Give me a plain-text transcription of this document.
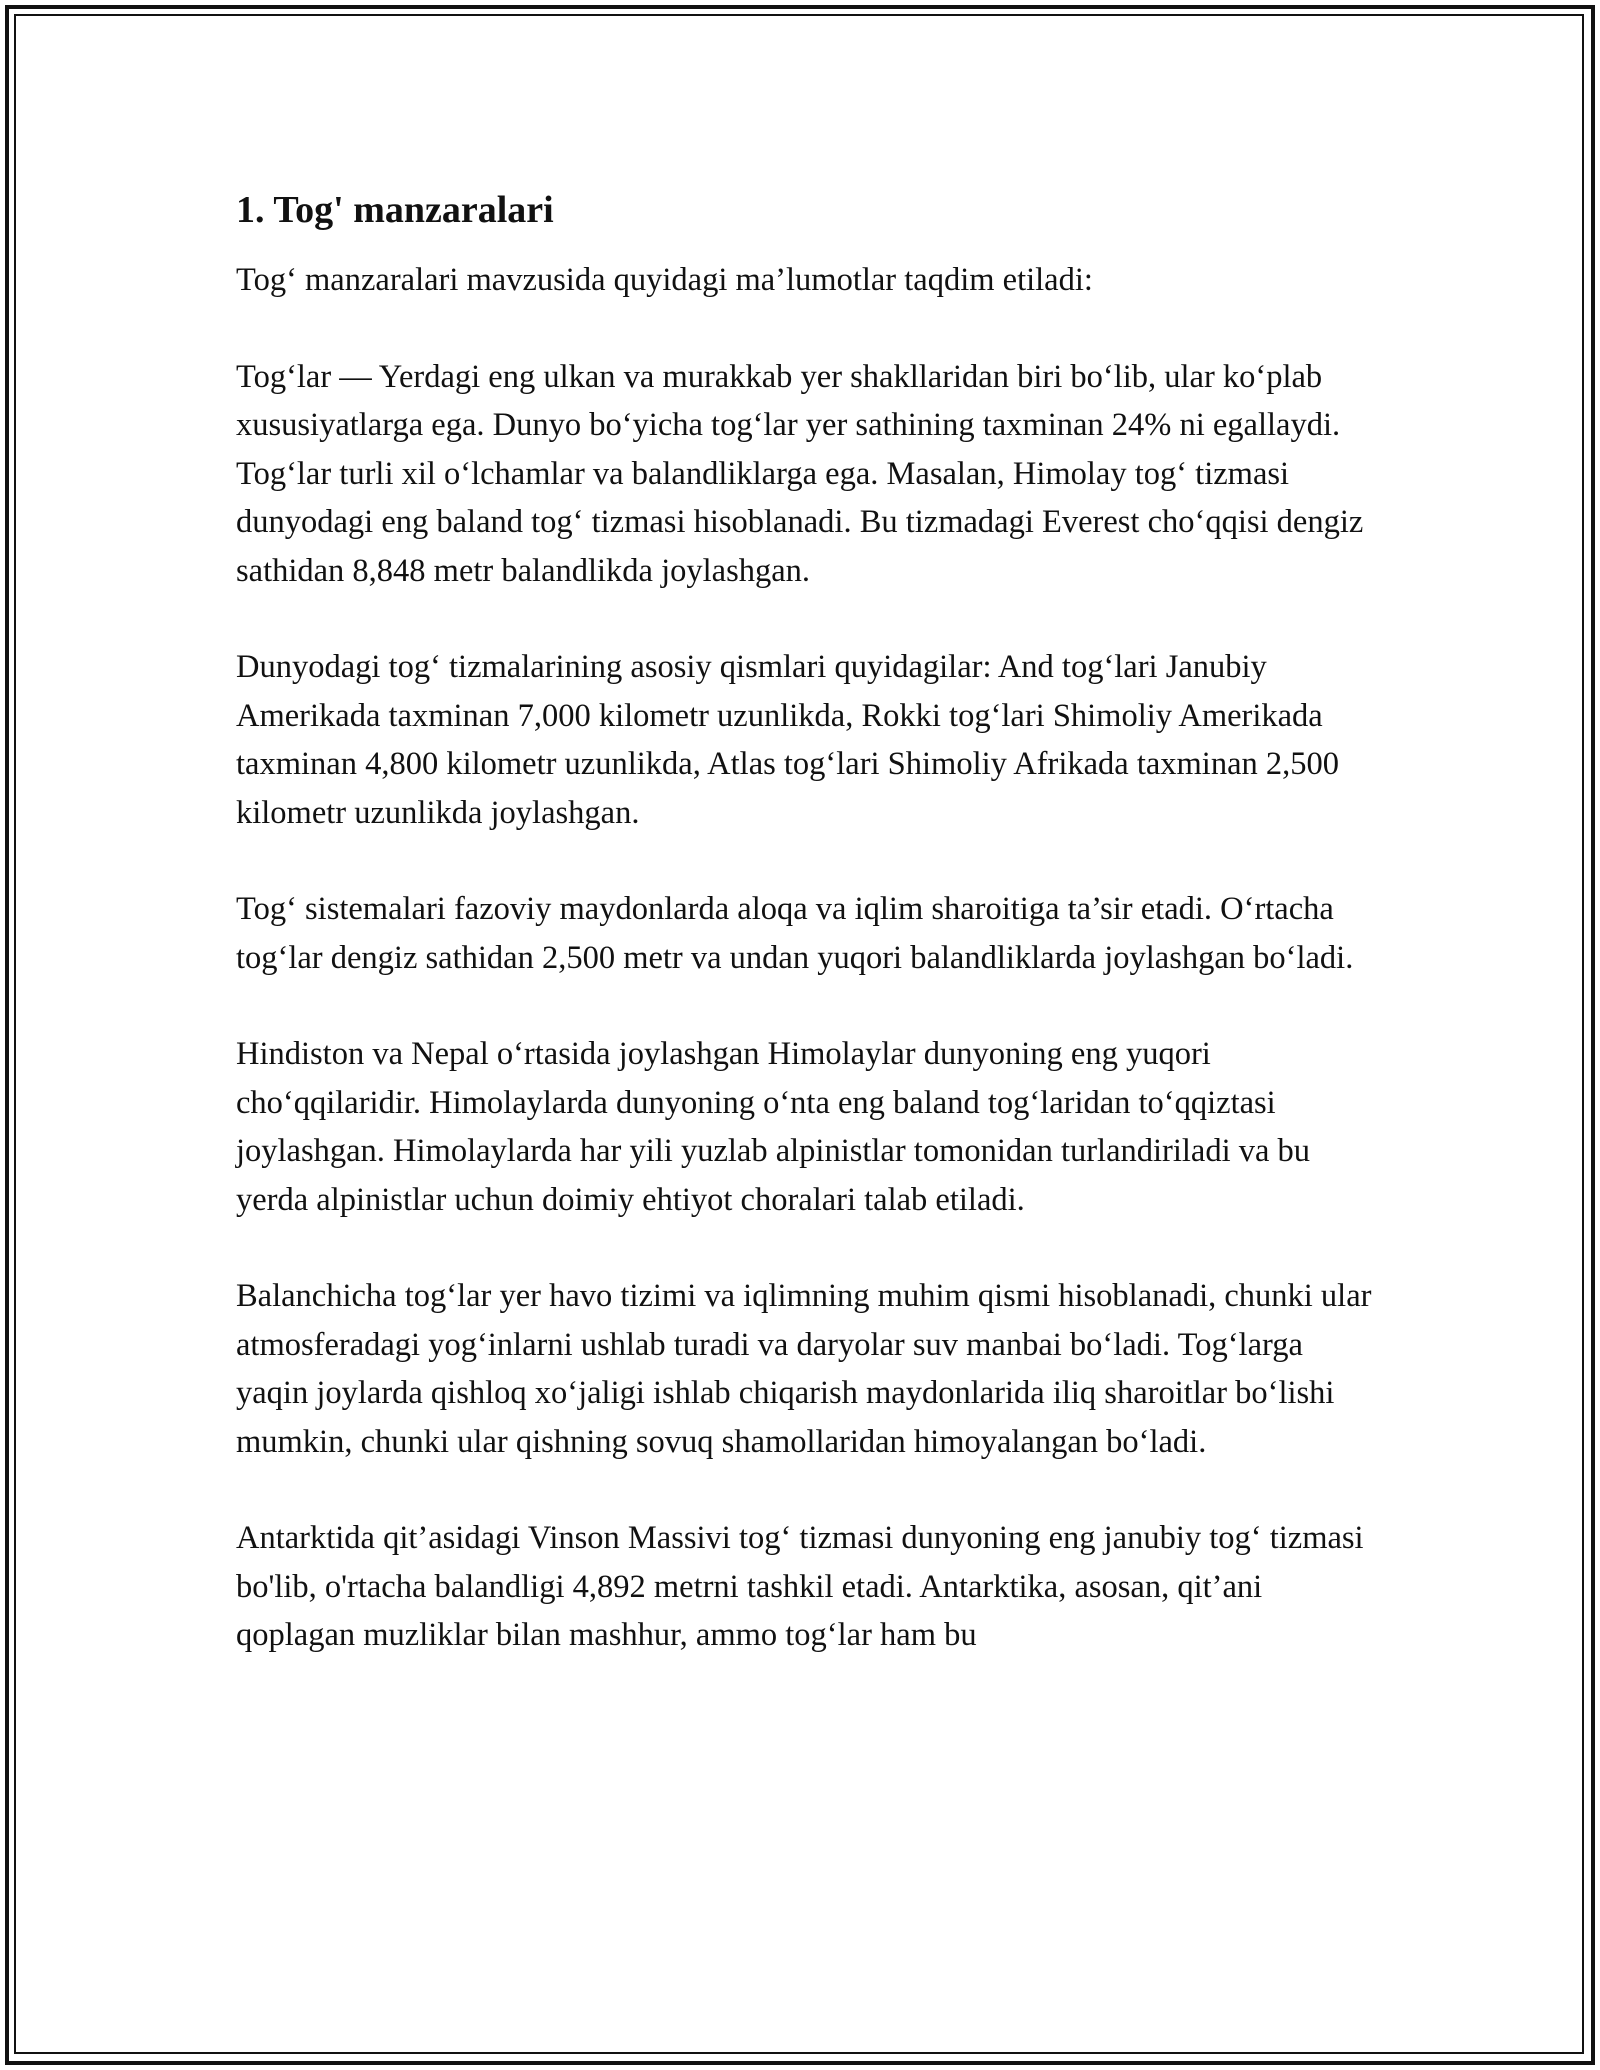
1. Tog' manzaralari

Tog‘ manzaralari mavzusida quyidagi ma’lumotlar taqdim etiladi:

Tog‘lar — Yerdagi eng ulkan va murakkab yer shakllaridan biri bo‘lib, ular ko‘plab xususiyatlarga ega. Dunyo bo‘yicha tog‘lar yer sathining taxminan 24% ni egallaydi. Tog‘lar turli xil o‘lchamlar va balandliklarga ega. Masalan, Himolay tog‘ tizmasi dunyodagi eng baland tog‘ tizmasi hisoblanadi. Bu tizmadagi Everest cho‘qqisi dengiz sathidan 8,848 metr balandlikda joylashgan.

Dunyodagi tog‘ tizmalarining asosiy qismlari quyidagilar: And tog‘lari Janubiy Amerikada taxminan 7,000 kilometr uzunlikda, Rokki tog‘lari Shimoliy Amerikada taxminan 4,800 kilometr uzunlikda, Atlas tog‘lari Shimoliy Afrikada taxminan 2,500 kilometr uzunlikda joylashgan.

Tog‘ sistemalari fazoviy maydonlarda aloqa va iqlim sharoitiga ta’sir etadi. O‘rtacha tog‘lar dengiz sathidan 2,500 metr va undan yuqori balandliklarda joylashgan bo‘ladi.

Hindiston va Nepal o‘rtasida joylashgan Himolaylar dunyoning eng yuqori cho‘qqilaridir. Himolaylarda dunyoning o‘nta eng baland tog‘laridan to‘qqiztasi joylashgan. Himolaylarda har yili yuzlab alpinistlar tomonidan turlandiriladi va bu yerda alpinistlar uchun doimiy ehtiyot choralari talab etiladi.

Balanchicha tog‘lar yer havo tizimi va iqlimning muhim qismi hisoblanadi, chunki ular atmosferadagi yog‘inlarni ushlab turadi va daryolar suv manbai bo‘ladi. Tog‘larga yaqin joylarda qishloq xo‘jaligi ishlab chiqarish maydonlarida iliq sharoitlar bo‘lishi mumkin, chunki ular qishning sovuq shamollaridan himoyalangan bo‘ladi.

Antarktida qit’asidagi Vinson Massivi tog‘ tizmasi dunyoning eng janubiy tog‘ tizmasi bo'lib, o'rtacha balandligi 4,892 metrni tashkil etadi. Antarktika, asosan, qit’ani qoplagan muzliklar bilan mashhur, ammo tog‘lar ham bu
